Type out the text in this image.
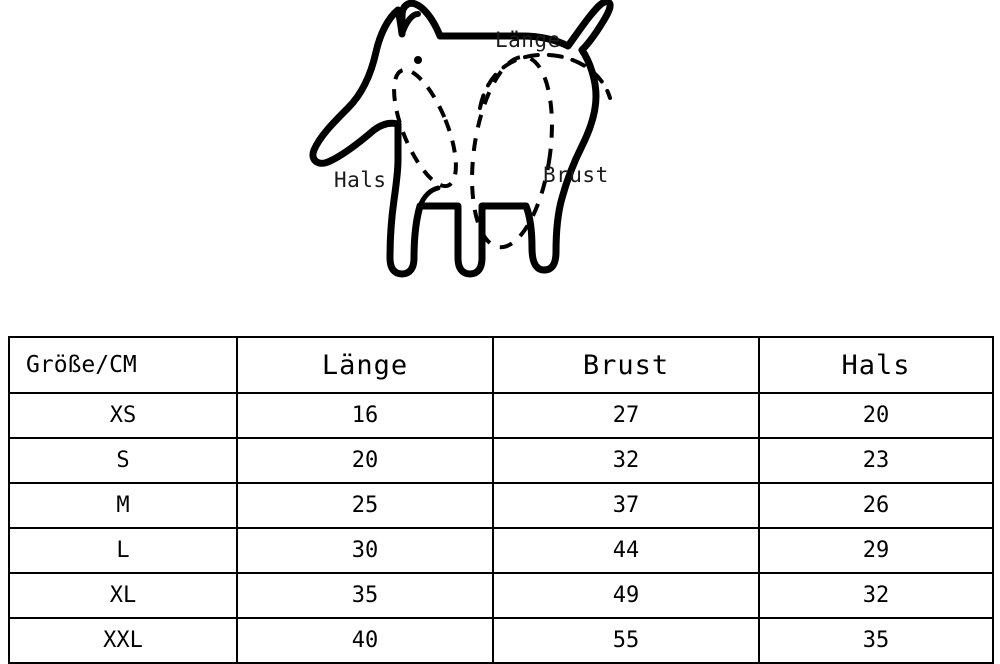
Länge
Brust
Hals
Größe/CM	Länge	Brust	Hals
XS	16	27	20
S	20	32	23
M	25	37	26
L	30	44	29
XL	35	49	32
XXL	40	55	35
